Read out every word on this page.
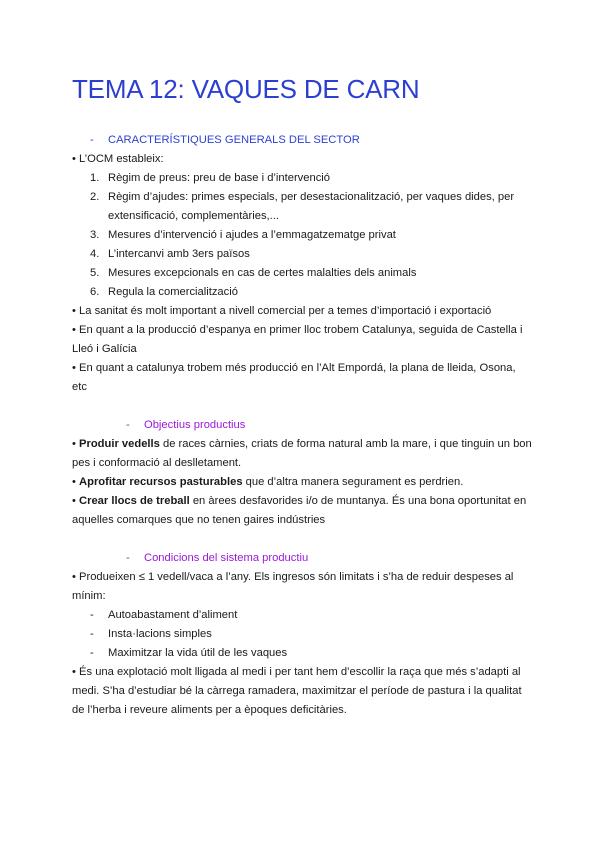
TEMA 12: VAQUES DE CARN
- CARACTERÍSTIQUES GENERALS DEL SECTOR

• L’OCM estableix:

1. Règim de preus: preu de base i d’intervenció
2. Règim d’ajudes: primes especials, per desestacionalització, per vaques dides, per extensificació, complementàries,...
3. Mesures d’intervenció i ajudes a l’emmagatzematge privat
4. L’intercanvi amb 3ers països
5. Mesures excepcionals en cas de certes malalties dels animals
6. Regula la comercialització

• La sanitat és molt important a nivell comercial per a temes d’importació i exportació

• En quant a la producció d’espanya en primer lloc trobem Catalunya, seguida de Castella i Lleó i Galícia

• En quant a catalunya trobem més producció en l’Alt Empordá, la plana de lleida, Osona, etc

- Objectius productius

• Produir vedells de races càrnies, criats de forma natural amb la mare, i que tinguin un bon pes i conformació al deslletament.

• Aprofitar recursos pasturables que d’altra manera segurament es perdrien.

• Crear llocs de treball en àrees desfavorides i/o de muntanya. És una bona oportunitat en aquelles comarques que no tenen gaires indústries

- Condicions del sistema productiu

• Produeixen ≤ 1 vedell/vaca a l’any. Els ingresos són limitats i s’ha de reduir despeses al mínim:

- Autoabastament d’aliment
- Insta·lacions simples
- Maximitzar la vida útil de les vaques

• És una explotació molt lligada al medi i per tant hem d’escollir la raça que més s’adapti al medi. S’ha d’estudiar bé la càrrega ramadera, maximitzar el període de pastura i la qualitat de l’herba i reveure aliments per a èpoques deficitàries.
